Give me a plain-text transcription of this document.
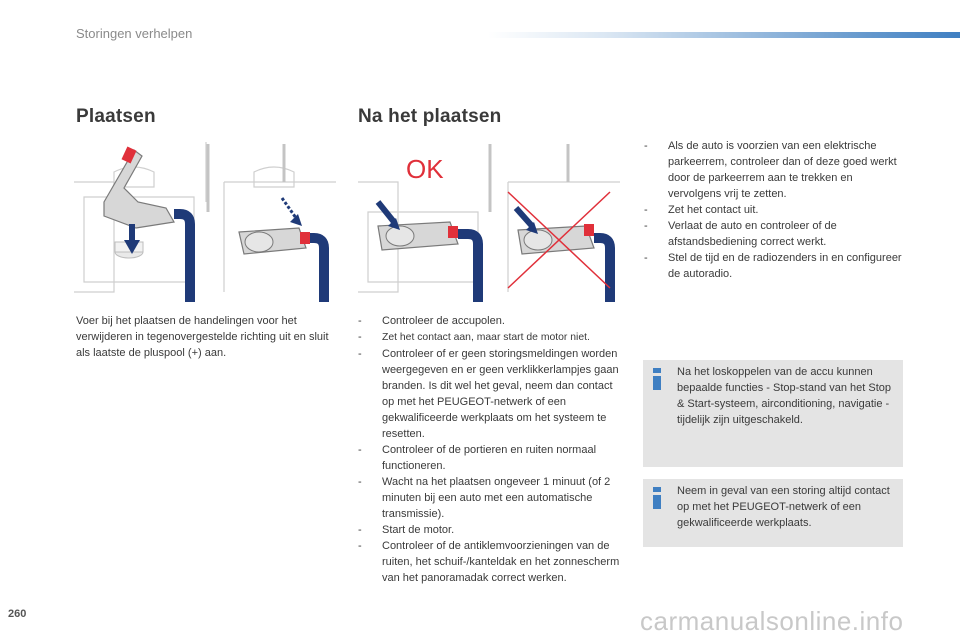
Storingen verhelpen
Plaatsen	Na het plaatsen
OK

Voer bij het plaatsen de handelingen voor het verwijderen in tegenovergestelde richting uit en sluit als laatste de pluspool (+) aan.

- Controleer de accupolen.
- Zet het contact aan, maar start de motor niet.
- Controleer of er geen storingsmeldingen worden weergegeven en er geen verklikkerlampjes gaan branden. Is dit wel het geval, neem dan contact op met het PEUGEOT-netwerk of een gekwalificeerde werkplaats om het systeem te resetten.
- Controleer of de portieren en ruiten normaal functioneren.
- Wacht na het plaatsen ongeveer 1 minuut (of 2 minuten bij een auto met een automatische transmissie).
- Start de motor.
- Controleer of de antiklemvoorzieningen van de ruiten, het schuif-/kanteldak en het zonnescherm van het panoramadak correct werken.
- Als de auto is voorzien van een elektrische parkeerrem, controleer dan of deze goed werkt door de parkeerrem aan te trekken en vervolgens vrij te zetten.
- Zet het contact uit.
- Verlaat de auto en controleer of de afstandsbediening correct werkt.
- Stel de tijd en de radiozenders in en configureer de autoradio.

Na het loskoppelen van de accu kunnen bepaalde functies - Stop-stand van het Stop & Start-systeem, airconditioning, navigatie - tijdelijk zijn uitgeschakeld.

Neem in geval van een storing altijd contact op met het PEUGEOT-netwerk of een gekwalificeerde werkplaats.

260	carmanualsonline.info
